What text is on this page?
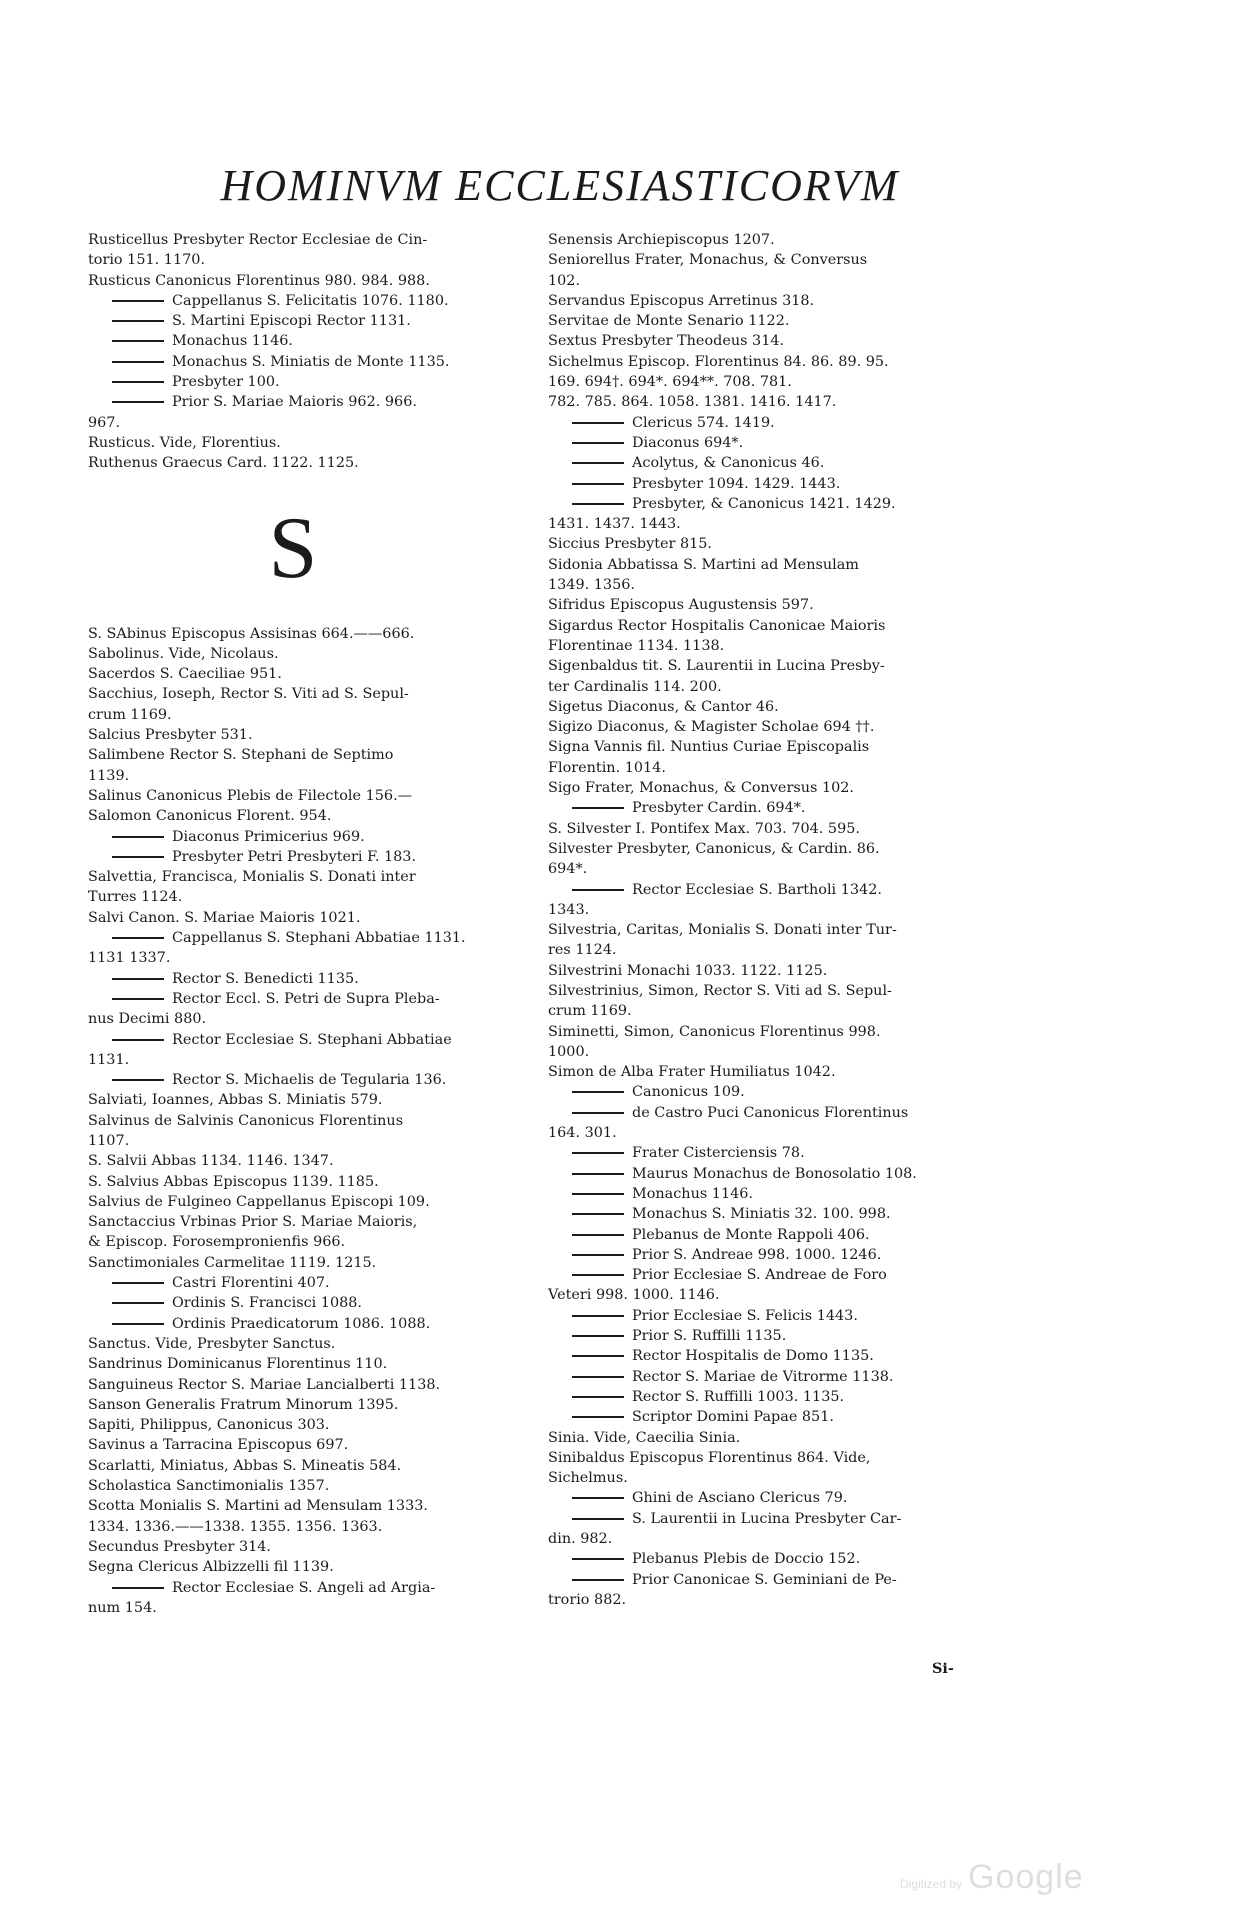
HOMINVM ECCLESIASTICORVM
Rusticellus Presbyter Rector Ecclesiae de Cin-
torio 151. 1170.
Rusticus Canonicus Florentinus 980. 984. 988.
Cappellanus S. Felicitatis 1076. 1180.
S. Martini Episcopi Rector 1131.
Monachus 1146.
Monachus S. Miniatis de Monte 1135.
Presbyter 100.
Prior S. Mariae Maioris 962. 966.
967.
Rusticus. Vide, Florentius.
Ruthenus Graecus Card. 1122. 1125.
S
S. SAbinus Episcopus Assisinas 664.——666.
Sabolinus. Vide, Nicolaus.
Sacerdos S. Caeciliae 951.
Sacchius, Ioseph, Rector S. Viti ad S. Sepul-
crum 1169.
Salcius Presbyter 531.
Salimbene Rector S. Stephani de Septimo
1139.
Salinus Canonicus Plebis de Filectole 156.—
Salomon Canonicus Florent. 954.
Diaconus Primicerius 969.
Presbyter Petri Presbyteri F. 183.
Salvettia, Francisca, Monialis S. Donati inter
Turres 1124.
Salvi Canon. S. Mariae Maioris 1021.
Cappellanus S. Stephani Abbatiae 1131.
1131 1337.
Rector S. Benedicti 1135.
Rector Eccl. S. Petri de Supra Pleba-
nus Decimi 880.
Rector Ecclesiae S. Stephani Abbatiae
1131.
Rector S. Michaelis de Tegularia 136.
Salviati, Ioannes, Abbas S. Miniatis 579.
Salvinus de Salvinis Canonicus Florentinus
1107.
S. Salvii Abbas 1134. 1146. 1347.
S. Salvius Abbas Episcopus 1139. 1185.
Salvius de Fulgineo Cappellanus Episcopi 109.
Sanctaccius Vrbinas Prior S. Mariae Maioris,
& Episcop. Forosempronienfis 966.
Sanctimoniales Carmelitae 1119. 1215.
Castri Florentini 407.
Ordinis S. Francisci 1088.
Ordinis Praedicatorum 1086. 1088.
Sanctus. Vide, Presbyter Sanctus.
Sandrinus Dominicanus Florentinus 110.
Sanguineus Rector S. Mariae Lancialberti 1138.
Sanson Generalis Fratrum Minorum 1395.
Sapiti, Philippus, Canonicus 303.
Savinus a Tarracina Episcopus 697.
Scarlatti, Miniatus, Abbas S. Mineatis 584.
Scholastica Sanctimonialis 1357.
Scotta Monialis S. Martini ad Mensulam 1333.
1334. 1336.——1338. 1355. 1356. 1363.
Secundus Presbyter 314.
Segna Clericus Albizzelli fil 1139.
Rector Ecclesiae S. Angeli ad Argia-
num 154.
Senensis Archiepiscopus 1207.
Seniorellus Frater, Monachus, & Conversus
102.
Servandus Episcopus Arretinus 318.
Servitae de Monte Senario 1122.
Sextus Presbyter Theodeus 314.
Sichelmus Episcop. Florentinus 84. 86. 89. 95.
169. 694†. 694*. 694**. 708. 781.
782. 785. 864. 1058. 1381. 1416. 1417.
Clericus 574. 1419.
Diaconus 694*.
Acolytus, & Canonicus 46.
Presbyter 1094. 1429. 1443.
Presbyter, & Canonicus 1421. 1429.
1431. 1437. 1443.
Siccius Presbyter 815.
Sidonia Abbatissa S. Martini ad Mensulam
1349. 1356.
Sifridus Episcopus Augustensis 597.
Sigardus Rector Hospitalis Canonicae Maioris
Florentinae 1134. 1138.
Sigenbaldus tit. S. Laurentii in Lucina Presby-
ter Cardinalis 114. 200.
Sigetus Diaconus, & Cantor 46.
Sigizo Diaconus, & Magister Scholae 694 ††.
Signa Vannis fil. Nuntius Curiae Episcopalis
Florentin. 1014.
Sigo Frater, Monachus, & Conversus 102.
Presbyter Cardin. 694*.
S. Silvester I. Pontifex Max. 703. 704. 595.
Silvester Presbyter, Canonicus, & Cardin. 86.
694*.
Rector Ecclesiae S. Bartholi 1342.
1343.
Silvestria, Caritas, Monialis S. Donati inter Tur-
res 1124.
Silvestrini Monachi 1033. 1122. 1125.
Silvestrinius, Simon, Rector S. Viti ad S. Sepul-
crum 1169.
Siminetti, Simon, Canonicus Florentinus 998.
1000.
Simon de Alba Frater Humiliatus 1042.
Canonicus 109.
de Castro Puci Canonicus Florentinus
164. 301.
Frater Cisterciensis 78.
Maurus Monachus de Bonosolatio 108.
Monachus 1146.
Monachus S. Miniatis 32. 100. 998.
Plebanus de Monte Rappoli 406.
Prior S. Andreae 998. 1000. 1246.
Prior Ecclesiae S. Andreae de Foro
Veteri 998. 1000. 1146.
Prior Ecclesiae S. Felicis 1443.
Prior S. Ruffilli 1135.
Rector Hospitalis de Domo 1135.
Rector S. Mariae de Vitrorme 1138.
Rector S. Ruffilli 1003. 1135.
Scriptor Domini Papae 851.
Sinia. Vide, Caecilia Sinia.
Sinibaldus Episcopus Florentinus 864. Vide,
Sichelmus.
Ghini de Asciano Clericus 79.
S. Laurentii in Lucina Presbyter Car-
din. 982.
Plebanus Plebis de Doccio 152.
Prior Canonicae S. Geminiani de Pe-
trorio 882.
Si-
Digitized by Google
